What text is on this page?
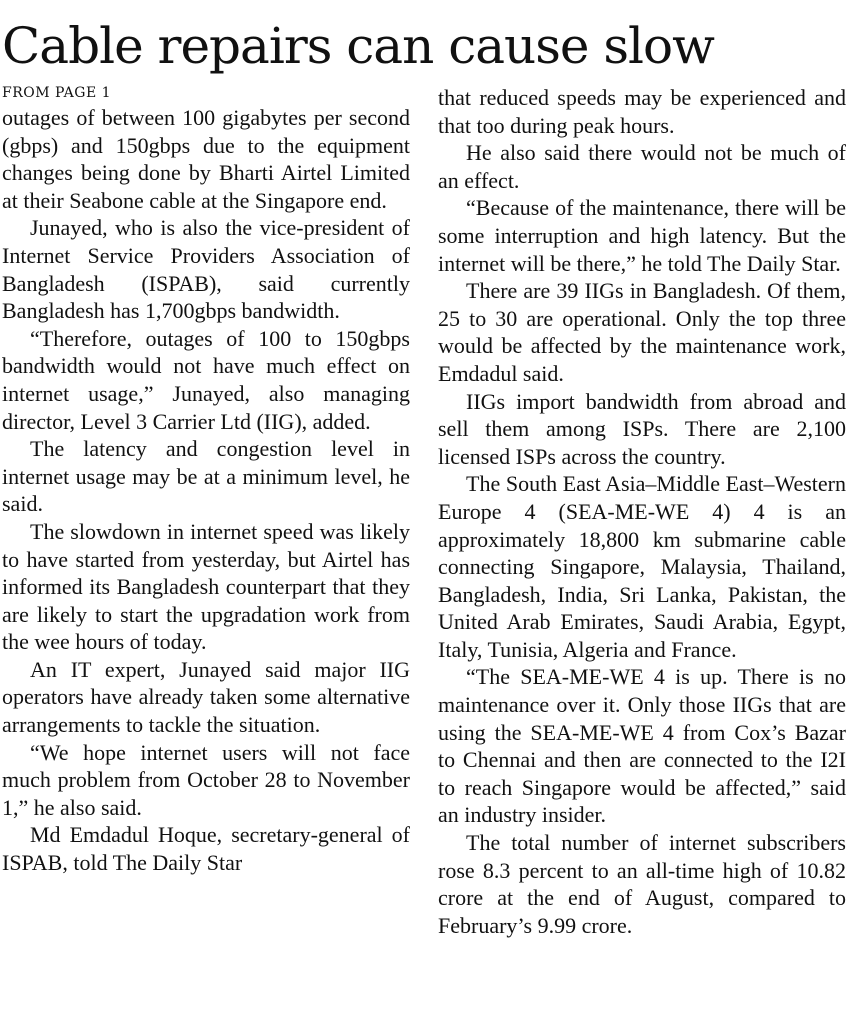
Cable repairs can cause slow
FROM PAGE 1

outages of between 100 gigabytes per second (gbps) and 150gbps due to the equipment changes being done by Bharti Airtel Limited at their Seabone cable at the Singapore end.

Junayed, who is also the vice-president of Internet Service Providers Association of Bangladesh (ISPAB), said currently Bangladesh has 1,700gbps bandwidth.

“Therefore, outages of 100 to 150gbps bandwidth would not have much effect on internet usage,” Junayed, also managing director, Level 3 Carrier Ltd (IIG), added.

The latency and congestion level in internet usage may be at a minimum level, he said.

The slowdown in internet speed was likely to have started from yesterday, but Airtel has informed its Bangladesh counterpart that they are likely to start the upgradation work from the wee hours of today.

An IT expert, Junayed said major IIG operators have already taken some alternative arrangements to tackle the situation.

“We hope internet users will not face much problem from October 28 to November 1,” he also said.

Md Emdadul Hoque, secretary-general of ISPAB, told The Daily Star

that reduced speeds may be experienced and that too during peak hours.

He also said there would not be much of an effect.

“Because of the maintenance, there will be some interruption and high latency. But the internet will be there,” he told The Daily Star.

There are 39 IIGs in Bangladesh. Of them, 25 to 30 are operational. Only the top three would be affected by the maintenance work, Emdadul said.

IIGs import bandwidth from abroad and sell them among ISPs. There are 2,100 licensed ISPs across the country.

The South East Asia–Middle East–Western Europe 4 (SEA-ME-WE 4) 4 is an approximately 18,800 km submarine cable connecting Singapore, Malaysia, Thailand, Bangladesh, India, Sri Lanka, Pakistan, the United Arab Emirates, Saudi Arabia, Egypt, Italy, Tunisia, Algeria and France.

“The SEA-ME-WE 4 is up. There is no maintenance over it. Only those IIGs that are using the SEA-ME-WE 4 from Cox’s Bazar to Chennai and then are connected to the I2I to reach Singapore would be affected,” said an industry insider.

The total number of internet subscribers rose 8.3 percent to an all-time high of 10.82 crore at the end of August, compared to February’s 9.99 crore.
